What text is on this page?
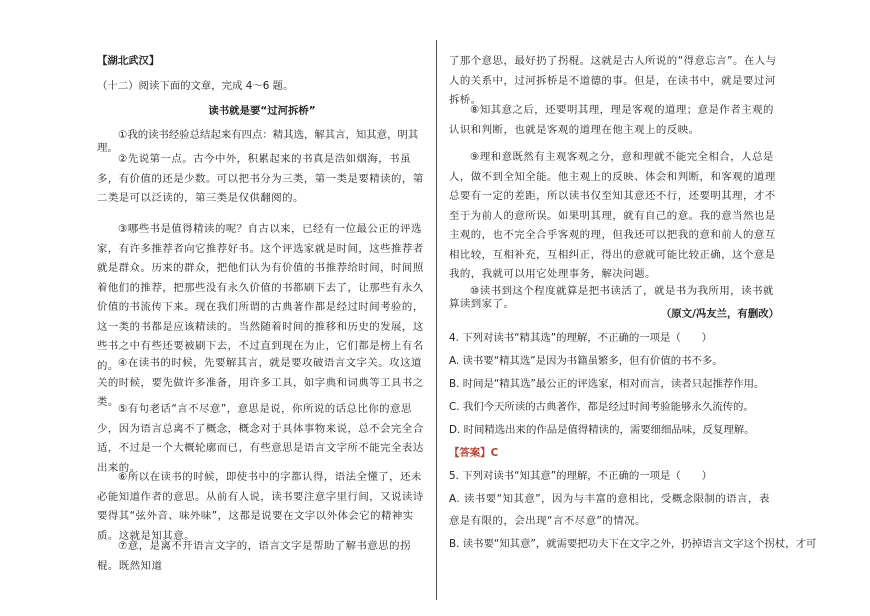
【湖北武汉】
（十二）阅读下面的文章，完成 4～6 题。
读书就是要“过河拆桥”
①我的读书经验总结起来有四点：精其选，解其言，知其意，明其理。
②先说第一点。古今中外，积累起来的书真是浩如烟海，书虽多，有价值的还是少数。可以把书分为三类，第一类是要精读的，第二类是可以泛读的，第三类是仅供翻阅的。
③哪些书是值得精读的呢？自古以来，已经有一位最公正的评选家，有许多推荐者向它推荐好书。这个评选家就是时间，这些推荐者就是群众。历来的群众，把他们认为有价值的书推荐给时间，时间照着他们的推荐，把那些没有永久价值的书都刷下去了，让那些有永久价值的书流传下来。现在我们所谓的古典著作都是经过时间考验的，这一类的书都是应该精读的。当然随着时间的推移和历史的发展，这些书之中有些还要被刷下去，不过直到现在为止，它们都是榜上有名的。 ④在读书的时候，先要解其言，就是要攻破语言文字关。攻这道关的时候，要先做许多准备，用许多工具，如字典和词典等工具书之类。
⑤有句老话“言不尽意”，意思是说，你所说的话总比你的意思少，因为语言总离不了概念，概念对于具体事物来说，总不会完全合适，不过是一个大概轮廓而已，有些意思是语言文字所不能完全表达出来的。
⑥所以在读书的时候，即使书中的字都认得，语法全懂了，还未必能知道作者的意思。从前有人说，读书要注意字里行间，又说读诗要得其“弦外音、味外味”，这都是说要在文字以外体会它的精神实质。这就是知其意。
⑦意，是离不开语言文字的，语言文字是帮助了解书意思的拐棍。既然知道
了那个意思，最好扔了拐棍。这就是古人所说的“得意忘言”。在人与人的关系中，过河拆桥是不道德的事。但是，在读书中，就是要过河拆桥。
⑧知其意之后，还要明其理，理是客观的道理；意是作者主观的认识和判断，也就是客观的道理在他主观上的反映。
⑨理和意既然有主观客观之分，意和理就不能完全相合，人总是人，做不到全知全能。他主观上的反映、体会和判断，和客观的道理总要有一定的差距，所以读书仅至知其意还不行，还要明其理，才不至于为前人的意所误。如果明其理，就有自己的意。我的意当然也是主观的，也不完全合乎客观的理，但我还可以把我的意和前人的意互相比较，互相补充，互相纠正，得出的意就可能比较正确，这个意是我的，我就可以用它处理事务，解决问题。
⑩读书到这个程度就算是把书读活了，就是书为我所用，读书就算读到家了。
（原文/冯友兰，有删改）
4. 下列对读书“精其选”的理解，不正确的一项是（　　）
A. 读书要“精其选”是因为书籍虽繁多，但有价值的书不多。
B. 时间是“精其选”最公正的评选家，相对而言，读者只起推荐作用。
C. 我们今天所读的古典著作，都是经过时间考验能够永久流传的。
D. 时间精选出来的作品是值得精读的，需要细细品味，反复理解。
【答案】C
5. 下列对读书“知其意”的理解，不正确的一项是（　　）
A. 读书要“知其意”，因为与丰富的意相比，受概念限制的语言，表意是有限的，会出现“言不尽意”的情况。
B. 读书要“知其意”，就需要把功夫下在文字之外，扔掉语言文字这个拐杖，才可
